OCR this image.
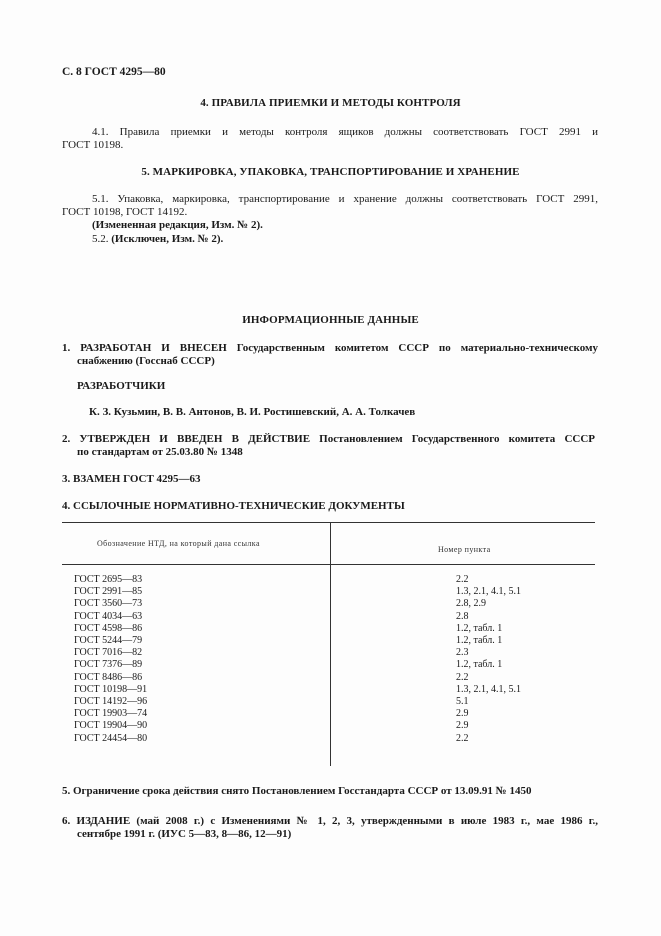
С. 8 ГОСТ 4295—80
4. ПРАВИЛА ПРИЕМКИ И МЕТОДЫ КОНТРОЛЯ
4.1. Правила приемки и методы контроля ящиков должны соответствовать ГОСТ 2991 и
ГОСТ 10198.
5. МАРКИРОВКА, УПАКОВКА, ТРАНСПОРТИРОВАНИЕ И ХРАНЕНИЕ
5.1. Упаковка, маркировка, транспортирование и хранение должны соответствовать ГОСТ 2991,
ГОСТ 10198, ГОСТ 14192.
(Измененная редакция, Изм. № 2).
5.2. (Исключен, Изм. № 2).
ИНФОРМАЦИОННЫЕ ДАННЫЕ
1. РАЗРАБОТАН И ВНЕСЕН Государственным комитетом СССР по материально-техническому
снабжению (Госснаб СССР)
РАЗРАБОТЧИКИ
К. З. Кузьмин, В. В. Антонов, В. И. Ростишевский, А. А. Толкачев
2. УТВЕРЖДЕН И ВВЕДЕН В ДЕЙСТВИЕ Постановлением Государственного комитета СССР
по стандартам от 25.03.80 № 1348
3. ВЗАМЕН ГОСТ 4295—63
4. ССЫЛОЧНЫЕ НОРМАТИВНО-ТЕХНИЧЕСКИЕ ДОКУМЕНТЫ
Обозначение НТД, на который дана ссылка
Номер пункта
ГОСТ 2695—83
ГОСТ 2991—85
ГОСТ 3560—73
ГОСТ 4034—63
ГОСТ 4598—86
ГОСТ 5244—79
ГОСТ 7016—82
ГОСТ 7376—89
ГОСТ 8486—86
ГОСТ 10198—91
ГОСТ 14192—96
ГОСТ 19903—74
ГОСТ 19904—90
ГОСТ 24454—80
2.2
1.3, 2.1, 4.1, 5.1
2.8, 2.9
2.8
1.2, табл. 1
1.2, табл. 1
2.3
1.2, табл. 1
2.2
1.3, 2.1, 4.1, 5.1
5.1
2.9
2.9
2.2
5. Ограничение срока действия снято Постановлением Госстандарта СССР от 13.09.91 № 1450
6. ИЗДАНИЕ (май 2008 г.) с Изменениями № 1, 2, 3, утвержденными в июле 1983 г., мае 1986 г.,
сентябре 1991 г. (ИУС 5—83, 8—86, 12—91)
